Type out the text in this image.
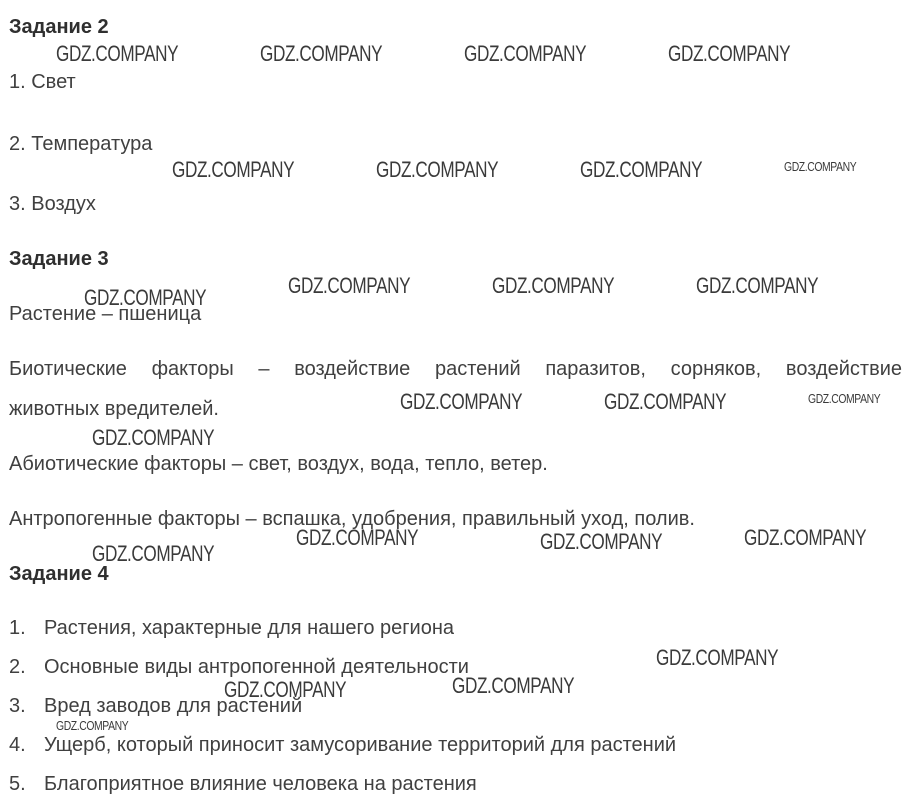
Задание 2
1. Свет
2. Температура
3. Воздух
Задание 3
Растение – пшеница
Биотические факторы – воздействие растений паразитов, сорняков, воздействие
животных вредителей.
Абиотические факторы – свет, воздух, вода, тепло, ветер.
Антропогенные факторы – вспашка, удобрения, правильный уход, полив.
Задание 4
1. Растения, характерные для нашего региона
2. Основные виды антропогенной деятельности
3. Вред заводов для растений
4. Ущерб, который приносит замусоривание территорий для растений
5. Благоприятное влияние человека на растения
GDZ.COMPANY	GDZ.COMPANY	GDZ.COMPANY	GDZ.COMPANY
GDZ.COMPANY	GDZ.COMPANY	GDZ.COMPANY	GDZ.COMPANY
GDZ.COMPANY	GDZ.COMPANY	GDZ.COMPANY
GDZ.COMPANY
GDZ.COMPANY	GDZ.COMPANY	GDZ.COMPANY
GDZ.COMPANY
GDZ.COMPANY	GDZ.COMPANY	GDZ.COMPANY
GDZ.COMPANY
GDZ.COMPANY
GDZ.COMPANY	GDZ.COMPANY
GDZ.COMPANY
